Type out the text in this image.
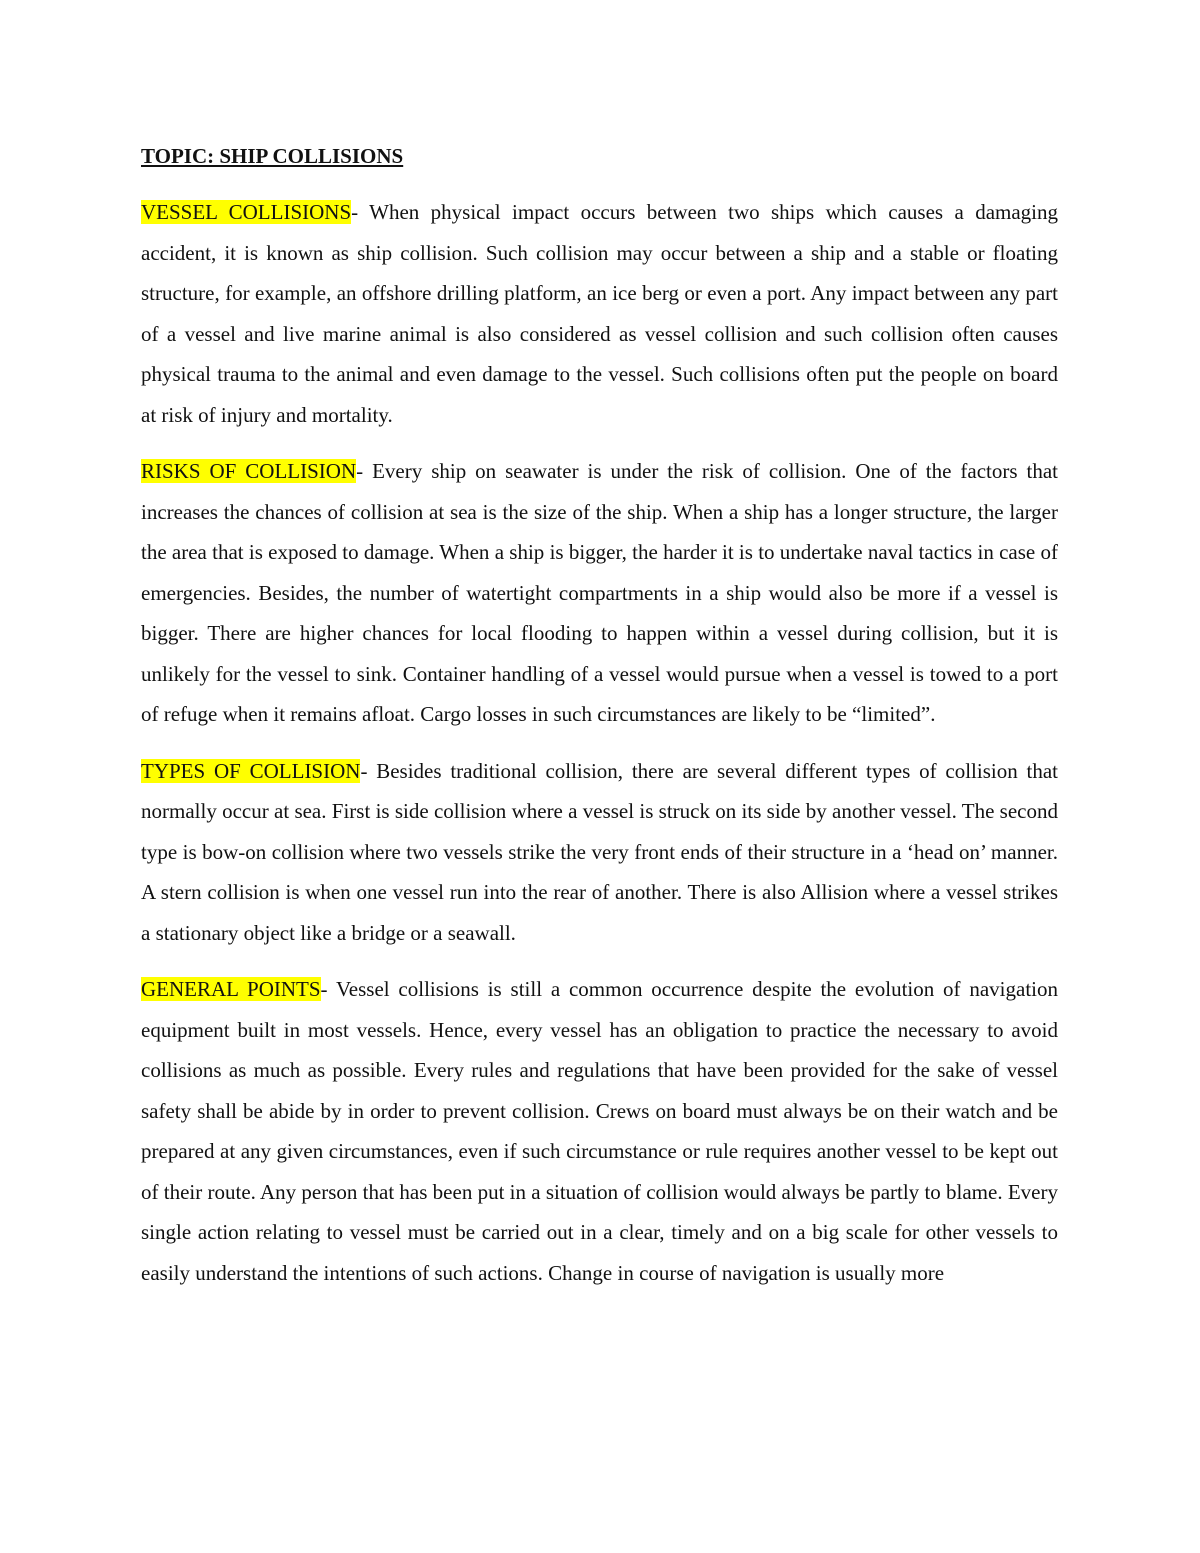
TOPIC: SHIP COLLISIONS

VESSEL COLLISIONS- When physical impact occurs between two ships which causes a damaging accident, it is known as ship collision. Such collision may occur between a ship and a stable or floating structure, for example, an offshore drilling platform, an ice berg or even a port. Any impact between any part of a vessel and live marine animal is also considered as vessel collision and such collision often causes physical trauma to the animal and even damage to the vessel. Such collisions often put the people on board at risk of injury and mortality.

RISKS OF COLLISION- Every ship on seawater is under the risk of collision. One of the factors that increases the chances of collision at sea is the size of the ship. When a ship has a longer structure, the larger the area that is exposed to damage. When a ship is bigger, the harder it is to undertake naval tactics in case of emergencies. Besides, the number of watertight compartments in a ship would also be more if a vessel is bigger. There are higher chances for local flooding to happen within a vessel during collision, but it is unlikely for the vessel to sink. Container handling of a vessel would pursue when a vessel is towed to a port of refuge when it remains afloat. Cargo losses in such circumstances are likely to be “limited”.

TYPES OF COLLISION- Besides traditional collision, there are several different types of collision that normally occur at sea. First is side collision where a vessel is struck on its side by another vessel. The second type is bow-on collision where two vessels strike the very front ends of their structure in a ‘head on’ manner. A stern collision is when one vessel run into the rear of another. There is also Allision where a vessel strikes a stationary object like a bridge or a seawall.

GENERAL POINTS- Vessel collisions is still a common occurrence despite the evolution of navigation equipment built in most vessels. Hence, every vessel has an obligation to practice the necessary to avoid collisions as much as possible. Every rules and regulations that have been provided for the sake of vessel safety shall be abide by in order to prevent collision. Crews on board must always be on their watch and be prepared at any given circumstances, even if such circumstance or rule requires another vessel to be kept out of their route. Any person that has been put in a situation of collision would always be partly to blame. Every single action relating to vessel must be carried out in a clear, timely and on a big scale for other vessels to easily understand the intentions of such actions. Change in course of navigation is usually more
